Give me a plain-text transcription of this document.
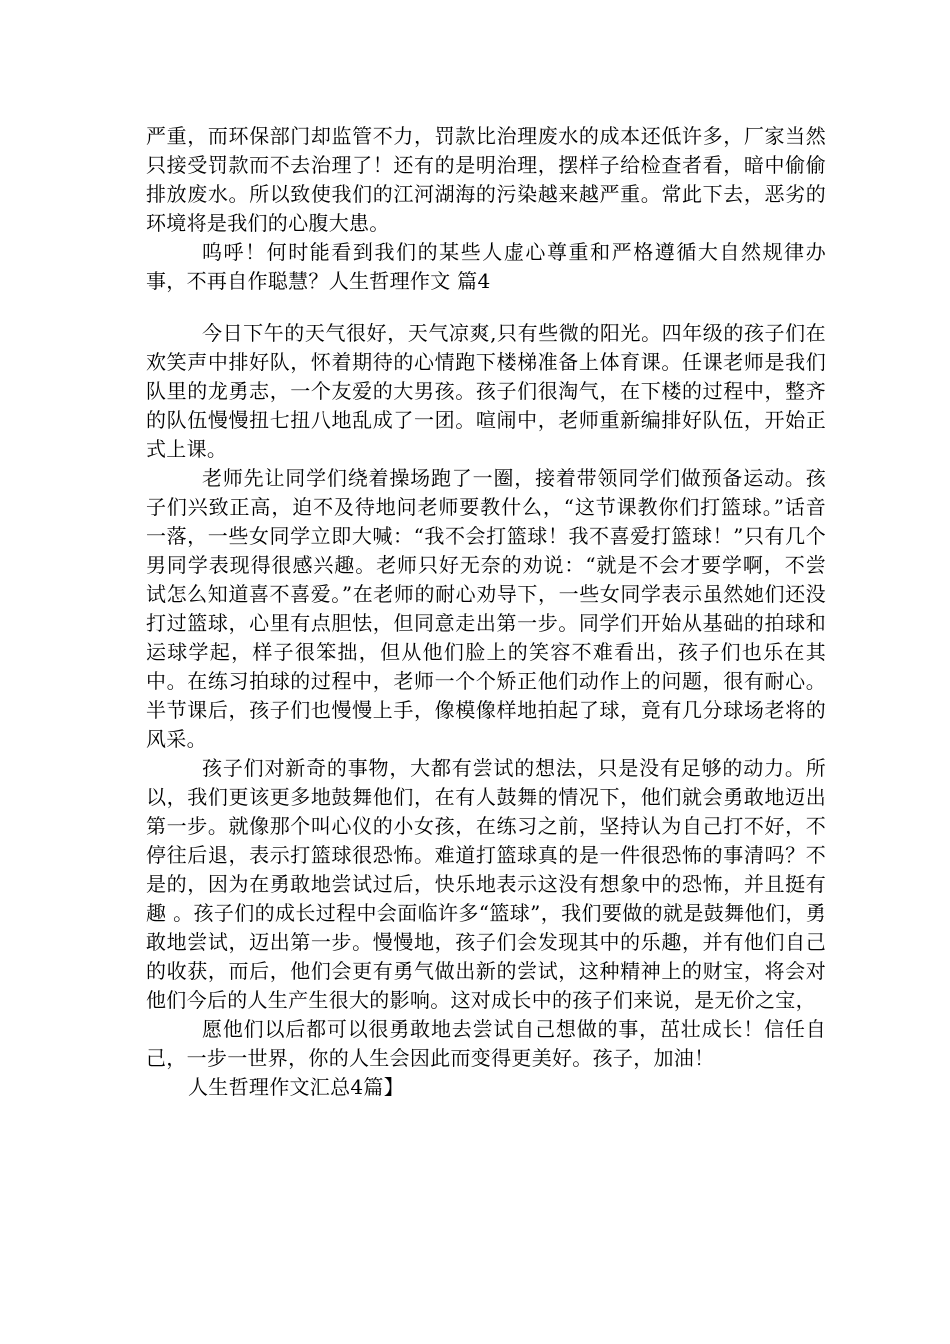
严重，而环保部门却监管不力，罚款比治理废水的成本还低许多，厂家当然只接受罚款而不去治理了！还有的是明治理，摆样子给检查者看，暗中偷偷排放废水。所以致使我们的江河湖海的污染越来越严重。常此下去，恶劣的环境将是我们的心腹大患。

呜呼！何时能看到我们的某些人虚心尊重和严格遵循大自然规律办事，不再自作聪慧？人生哲理作文 篇4

今日下午的天气很好，天气凉爽,只有些微的阳光。四年级的孩子们在欢笑声中排好队，怀着期待的心情跑下楼梯准备上体育课。任课老师是我们队里的龙勇志，一个友爱的大男孩。孩子们很淘气，在下楼的过程中，整齐的队伍慢慢扭七扭八地乱成了一团。喧闹中，老师重新编排好队伍，开始正式上课。

老师先让同学们绕着操场跑了一圈，接着带领同学们做预备运动。孩子们兴致正高，迫不及待地问老师要教什么，“这节课教你们打篮球。”话音一落，一些女同学立即大喊：“我不会打篮球！我不喜爱打篮球！”只有几个男同学表现得很感兴趣。老师只好无奈的劝说：“就是不会才要学啊，不尝试怎么知道喜不喜爱。”在老师的耐心劝导下，一些女同学表示虽然她们还没打过篮球，心里有点胆怯，但同意走出第一步。同学们开始从基础的拍球和运球学起，样子很笨拙，但从他们脸上的笑容不难看出，孩子们也乐在其中。在练习拍球的过程中，老师一个个矫正他们动作上的问题，很有耐心。半节课后，孩子们也慢慢上手，像模像样地拍起了球，竟有几分球场老将的风采。

孩子们对新奇的事物，大都有尝试的想法，只是没有足够的动力。所以，我们更该更多地鼓舞他们，在有人鼓舞的情况下，他们就会勇敢地迈出第一步。就像那个叫心仪的小女孩，在练习之前，坚持认为自己打不好，不停往后退，表示打篮球很恐怖。难道打篮球真的是一件很恐怖的事清吗？不是的，因为在勇敢地尝试过后，快乐地表示这没有想象中的恐怖，并且挺有趣 。孩子们的成长过程中会面临许多“篮球”，我们要做的就是鼓舞他们，勇敢地尝试，迈出第一步。慢慢地，孩子们会发现其中的乐趣，并有他们自己的收获，而后，他们会更有勇气做出新的尝试，这种精神上的财宝，将会对他们今后的人生产生很大的影响。这对成长中的孩子们来说，是无价之宝，

愿他们以后都可以很勇敢地去尝试自己想做的事，茁壮成长！信任自己，一步一世界，你的人生会因此而变得更美好。孩子，加油！

人生哲理作文汇总4篇】
